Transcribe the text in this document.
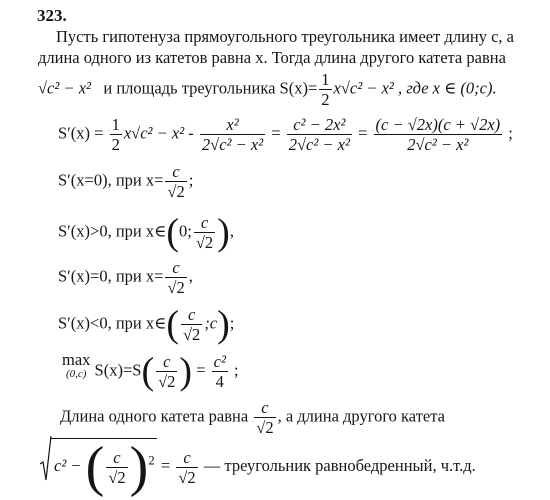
323.
Пусть гипотенуза прямоугольного треугольника имеет длину с, а
длина одного из катетов равна х. Тогда длина другого катета равна
√c² − x² и площадь треугольника $S(x)= \frac{1}{2} x√c^2 - x^2$ , где x ∈ (0;c).
$S'(x) = \frac{1}{2} x√c^2 - x^2 - \frac{\text{x²}}{\text{2√c² − x²}} = \frac{\text{c² − 2x²}}{\text{2√c² − x²}} = \frac{(c - √2x)(c + √2x)}{\text{2√c² − x²}}$ ;
S′(x=0), при $x= \frac{c}{√2}$ ;
S′(x)>0, при x∈(0; $\frac{c}{√2}$ ),
S′(x)=0, при $x= \frac{c}{√2}$ ,
S′(x)<0, при x∈( $\frac{c}{√2}$ ;c);
max
(0,c) $S(x)=S( \frac{c}{√2}$ ) = $\frac{\text{c²}}{4}$ ;
Длина одного катета равна $\frac{c}{√2}$ , а длина другого катета
c² − ( $\frac{c}{√2} )^2 = \frac{c}{√2}$ — треугольник равнобедренный, ч.т.д.
